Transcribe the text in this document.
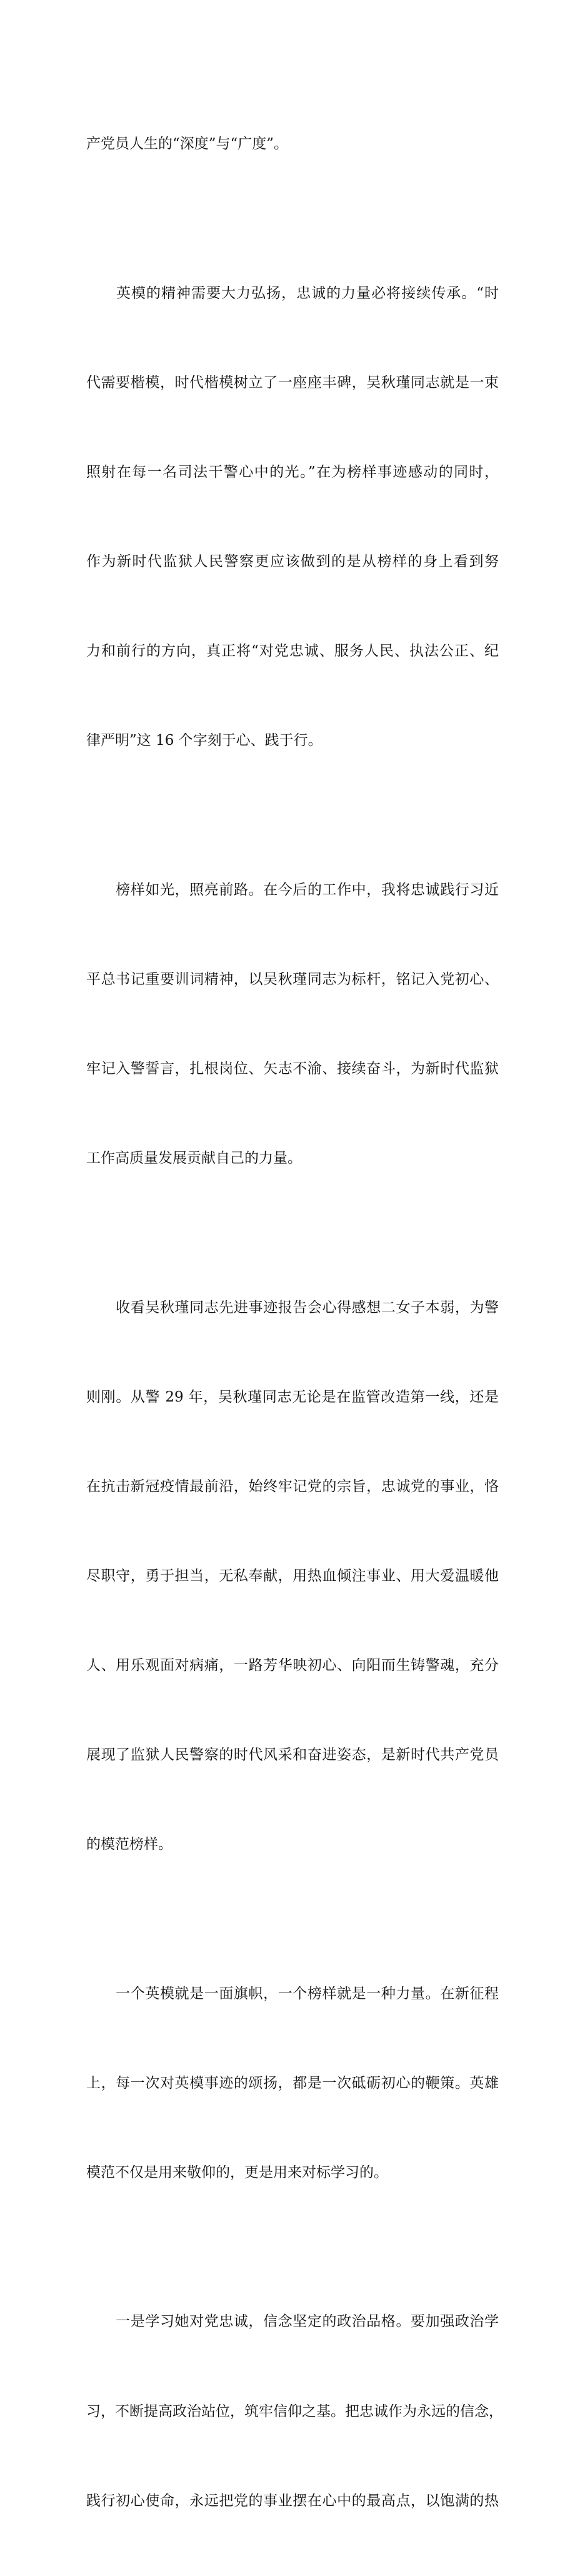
产党员人生的“深度”与“广度”。

　　英模的精神需要大力弘扬，忠诚的力量必将接续传承。“时

代需要楷模，时代楷模树立了一座座丰碑，吴秋瑾同志就是一束

照射在每一名司法干警心中的光。”在为榜样事迹感动的同时，

作为新时代监狱人民警察更应该做到的是从榜样的身上看到努

力和前行的方向，真正将“对党忠诚、服务人民、执法公正、纪

律严明”这 16 个字刻于心、践于行。

　　榜样如光，照亮前路。在今后的工作中，我将忠诚践行习近

平总书记重要训词精神，以吴秋瑾同志为标杆，铭记入党初心、

牢记入警誓言，扎根岗位、矢志不渝、接续奋斗，为新时代监狱

工作高质量发展贡献自己的力量。

　　收看吴秋瑾同志先进事迹报告会心得感想二女子本弱，为警

则刚。从警 29 年，吴秋瑾同志无论是在监管改造第一线，还是

在抗击新冠疫情最前沿，始终牢记党的宗旨，忠诚党的事业，恪

尽职守，勇于担当，无私奉献，用热血倾注事业、用大爱温暖他

人、用乐观面对病痛，一路芳华映初心、向阳而生铸警魂，充分

展现了监狱人民警察的时代风采和奋进姿态，是新时代共产党员

的模范榜样。

　　一个英模就是一面旗帜，一个榜样就是一种力量。在新征程

上，每一次对英模事迹的颂扬，都是一次砥砺初心的鞭策。英雄

模范不仅是用来敬仰的，更是用来对标学习的。

　　一是学习她对党忠诚，信念坚定的政治品格。要加强政治学

习，不断提高政治站位，筑牢信仰之基。把忠诚作为永远的信念，

践行初心使命，永远把党的事业摆在心中的最高点，以饱满的热
